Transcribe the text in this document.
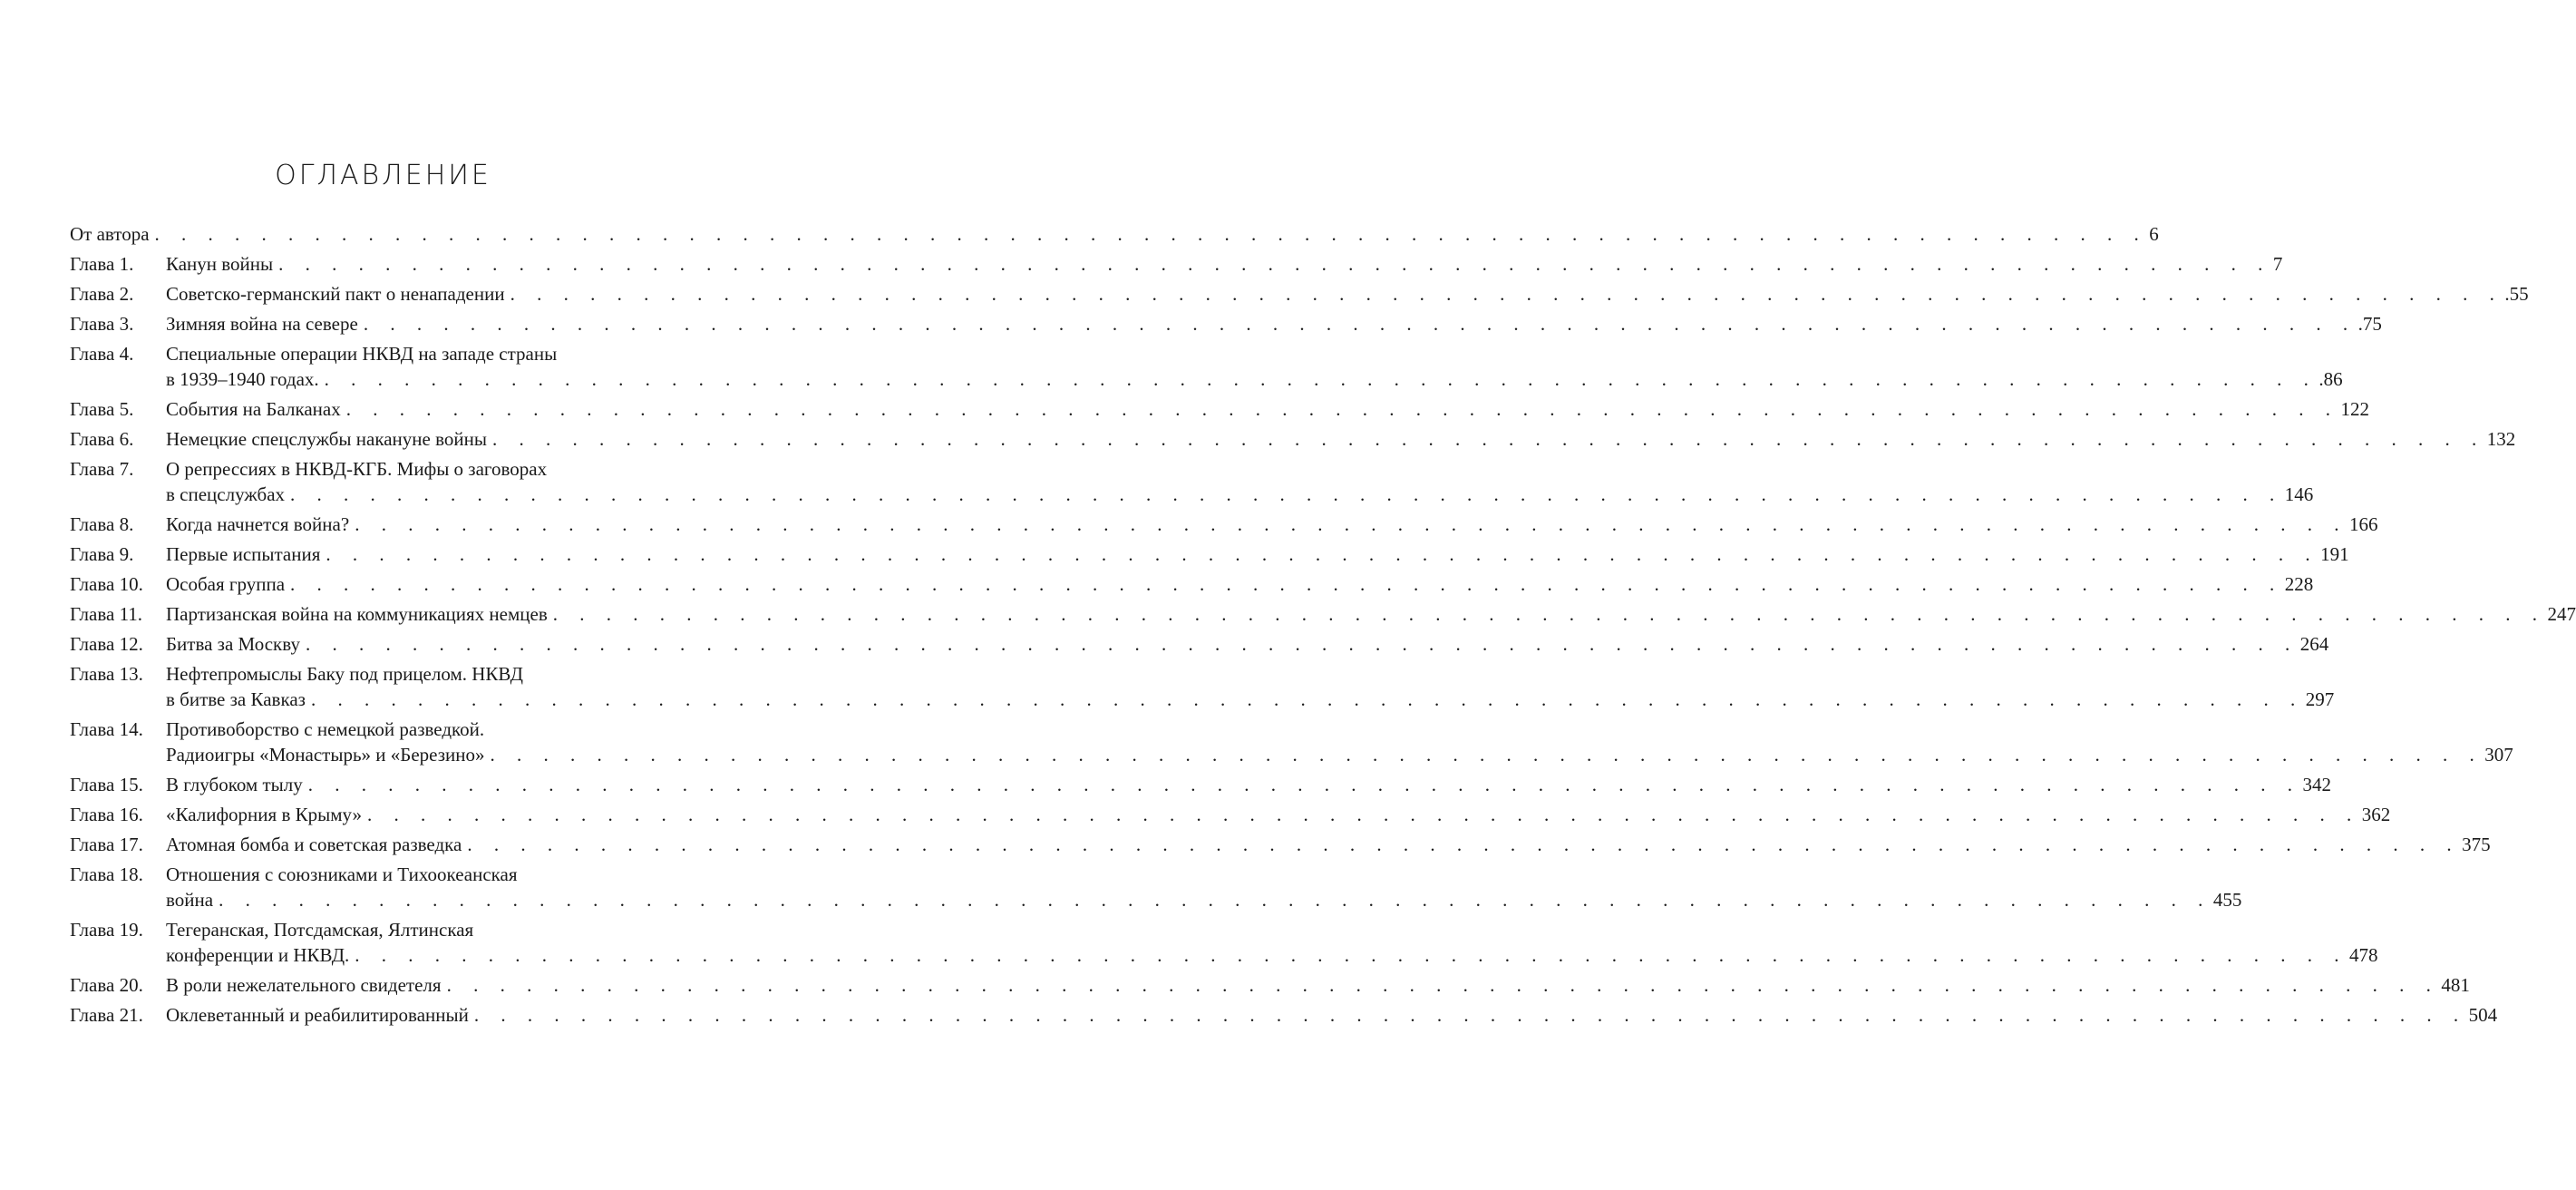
ОГЛАВЛЕНИЕ
От автора . . . . . . . . . . . . . . . . . . . . . . . . . . . . . . . . . . . . . . . . . . . . . . . . . . . . . . . . . . . . . . . . . . . . . . . . . . . 6
Глава 1.	Канун войны . . . . . . . . . . . . . . . . . . . . . . . . . . . . . . . . . . . . . . . . . . . . . . . . . . . . . . . . . . . . . . . . . . . . . . . . . . . 7
Глава 2.	Советско-германский пакт о ненападении . . . . . . . . . . . . . . . . . . . . . . . . . . . . . . . . . . . . . . . . . . . . . . . . . . . . . . . . . . . . . . . . . . . . . . . . . . . .55
Глава 3.	Зимняя война на севере . . . . . . . . . . . . . . . . . . . . . . . . . . . . . . . . . . . . . . . . . . . . . . . . . . . . . . . . . . . . . . . . . . . . . . . . . . . .75
Глава 4.	Специальные операции НКВД на западе страны
в 1939–1940 годах. . . . . . . . . . . . . . . . . . . . . . . . . . . . . . . . . . . . . . . . . . . . . . . . . . . . . . . . . . . . . . . . . . . . . . . . . . . . .86
Глава 5.	События на Балканах . . . . . . . . . . . . . . . . . . . . . . . . . . . . . . . . . . . . . . . . . . . . . . . . . . . . . . . . . . . . . . . . . . . . . . . . . . . 122
Глава 6.	Немецкие спецслужбы накануне войны . . . . . . . . . . . . . . . . . . . . . . . . . . . . . . . . . . . . . . . . . . . . . . . . . . . . . . . . . . . . . . . . . . . . . . . . . . . 132
Глава 7.	О репрессиях в НКВД-КГБ. Мифы о заговорах
в спецслужбах . . . . . . . . . . . . . . . . . . . . . . . . . . . . . . . . . . . . . . . . . . . . . . . . . . . . . . . . . . . . . . . . . . . . . . . . . . . 146
Глава 8.	Когда начнется война? . . . . . . . . . . . . . . . . . . . . . . . . . . . . . . . . . . . . . . . . . . . . . . . . . . . . . . . . . . . . . . . . . . . . . . . . . . . 166
Глава 9.	Первые испытания . . . . . . . . . . . . . . . . . . . . . . . . . . . . . . . . . . . . . . . . . . . . . . . . . . . . . . . . . . . . . . . . . . . . . . . . . . . 191
Глава 10.	Особая группа . . . . . . . . . . . . . . . . . . . . . . . . . . . . . . . . . . . . . . . . . . . . . . . . . . . . . . . . . . . . . . . . . . . . . . . . . . . 228
Глава 11.	Партизанская война на коммуникациях немцев . . . . . . . . . . . . . . . . . . . . . . . . . . . . . . . . . . . . . . . . . . . . . . . . . . . . . . . . . . . . . . . . . . . . . . . . . . . 247
Глава 12.	Битва за Москву . . . . . . . . . . . . . . . . . . . . . . . . . . . . . . . . . . . . . . . . . . . . . . . . . . . . . . . . . . . . . . . . . . . . . . . . . . . 264
Глава 13.	Нефтепромыслы Баку под прицелом. НКВД
в битве за Кавказ . . . . . . . . . . . . . . . . . . . . . . . . . . . . . . . . . . . . . . . . . . . . . . . . . . . . . . . . . . . . . . . . . . . . . . . . . . . 297
Глава 14.	Противоборство с немецкой разведкой.
Радиоигры «Монастырь» и «Березино» . . . . . . . . . . . . . . . . . . . . . . . . . . . . . . . . . . . . . . . . . . . . . . . . . . . . . . . . . . . . . . . . . . . . . . . . . . . 307
Глава 15.	В глубоком тылу . . . . . . . . . . . . . . . . . . . . . . . . . . . . . . . . . . . . . . . . . . . . . . . . . . . . . . . . . . . . . . . . . . . . . . . . . . . 342
Глава 16.	«Калифорния в Крыму» . . . . . . . . . . . . . . . . . . . . . . . . . . . . . . . . . . . . . . . . . . . . . . . . . . . . . . . . . . . . . . . . . . . . . . . . . . . 362
Глава 17.	Атомная бомба и советская разведка . . . . . . . . . . . . . . . . . . . . . . . . . . . . . . . . . . . . . . . . . . . . . . . . . . . . . . . . . . . . . . . . . . . . . . . . . . . 375
Глава 18.	Отношения с союзниками и Тихоокеанская
война . . . . . . . . . . . . . . . . . . . . . . . . . . . . . . . . . . . . . . . . . . . . . . . . . . . . . . . . . . . . . . . . . . . . . . . . . . . 455
Глава 19.	Тегеранская, Потсдамская, Ялтинская
конференции и НКВД. . . . . . . . . . . . . . . . . . . . . . . . . . . . . . . . . . . . . . . . . . . . . . . . . . . . . . . . . . . . . . . . . . . . . . . . . . . . 478
Глава 20.	В роли нежелательного свидетеля . . . . . . . . . . . . . . . . . . . . . . . . . . . . . . . . . . . . . . . . . . . . . . . . . . . . . . . . . . . . . . . . . . . . . . . . . . . 481
Глава 21.	Оклеветанный и реабилитированный . . . . . . . . . . . . . . . . . . . . . . . . . . . . . . . . . . . . . . . . . . . . . . . . . . . . . . . . . . . . . . . . . . . . . . . . . . . 504
